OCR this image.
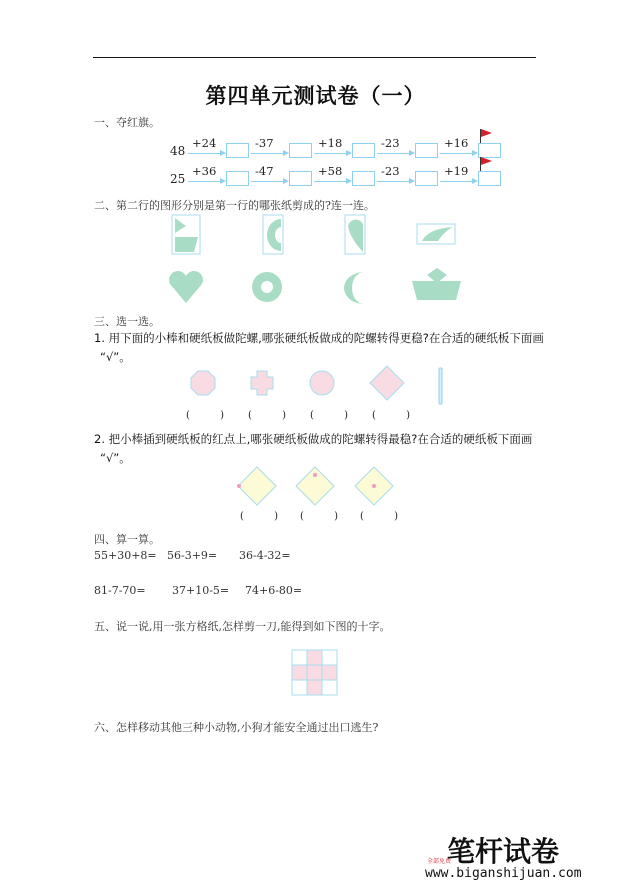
第四单元测试卷（一）
一、夺红旗。
48
+24	-37	+18	-23	+16
25
+36	-47	+58	-23	+19
二、第二行的图形分别是第一行的哪张纸剪成的?连一连。
三、选一选。
1. 用下面的小棒和硬纸板做陀螺,哪张硬纸板做成的陀螺转得更稳?在合适的硬纸板下面画
“√”。
(	) (	) (	) (	)
2. 把小棒插到硬纸板的红点上,哪张硬纸板做成的陀螺转得最稳?在合适的硬纸板下面画
“√”。
(	) (	) (	)
四、算一算。
55+30+8= 56-3+9= 36-4-32=
81-7-70= 37+10-5= 74+6-80=
五、说一说,用一张方格纸,怎样剪一刀,能得到如下图的十字。
六、怎样移动其他三种小动物,小狗才能安全通过出口逃生?
全部免费
笔杆试卷
www.biganshijuan.com
